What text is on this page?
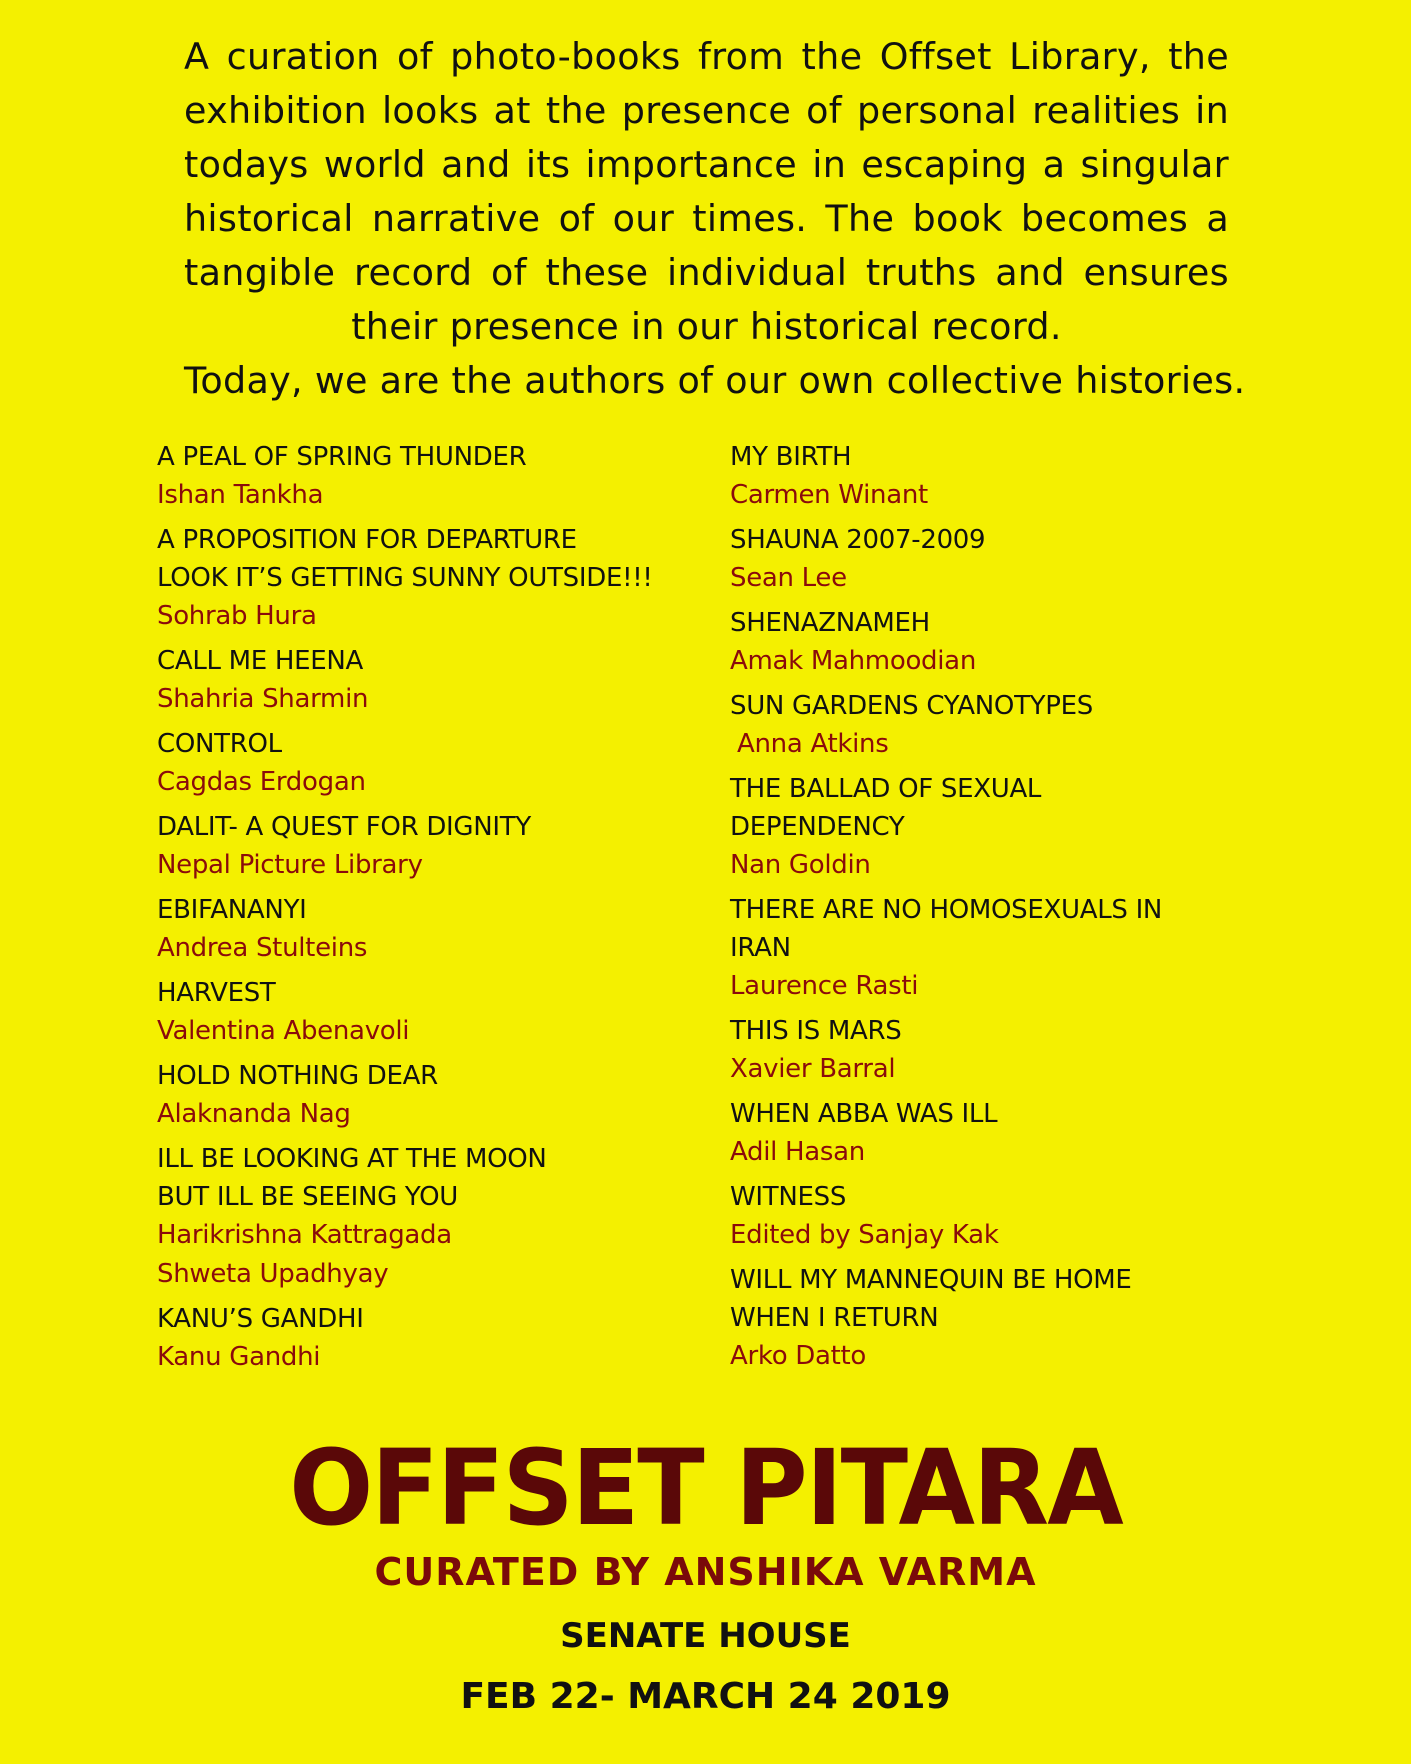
A curation of photo-books from the Offset Library, the exhibition looks at the presence of personal realities in todays world and its importance in escaping a singular historical narrative of our times. The book becomes a tangible record of these individual truths and ensures their presence in our historical record.
Today, we are the authors of our own collective histories.
A PEAL OF SPRING THUNDER
Ishan Tankha
A PROPOSITION FOR DEPARTURE
LOOK IT’S GETTING SUNNY OUTSIDE!!!
Sohrab Hura
CALL ME HEENA
Shahria Sharmin
CONTROL
Cagdas Erdogan
DALIT- A QUEST FOR DIGNITY
Nepal Picture Library
EBIFANANYI
Andrea Stulteins
HARVEST
Valentina Abenavoli
HOLD NOTHING DEAR
Alaknanda Nag
ILL BE LOOKING AT THE MOON
BUT ILL BE SEEING YOU
Harikrishna Kattragada
Shweta Upadhyay
KANU’S GANDHI
Kanu Gandhi
MY BIRTH
Carmen Winant
SHAUNA 2007-2009
Sean Lee
SHENAZNAMEH
Amak Mahmoodian
SUN GARDENS CYANOTYPES
Anna Atkins
THE BALLAD OF SEXUAL
DEPENDENCY
Nan Goldin
THERE ARE NO HOMOSEXUALS IN
IRAN
Laurence Rasti
THIS IS MARS
Xavier Barral
WHEN ABBA WAS ILL
Adil Hasan
WITNESS
Edited by Sanjay Kak
WILL MY MANNEQUIN BE HOME
WHEN I RETURN
Arko Datto
OFFSET PITARA
CURATED BY ANSHIKA VARMA
SENATE HOUSE
FEB 22- MARCH 24 2019
